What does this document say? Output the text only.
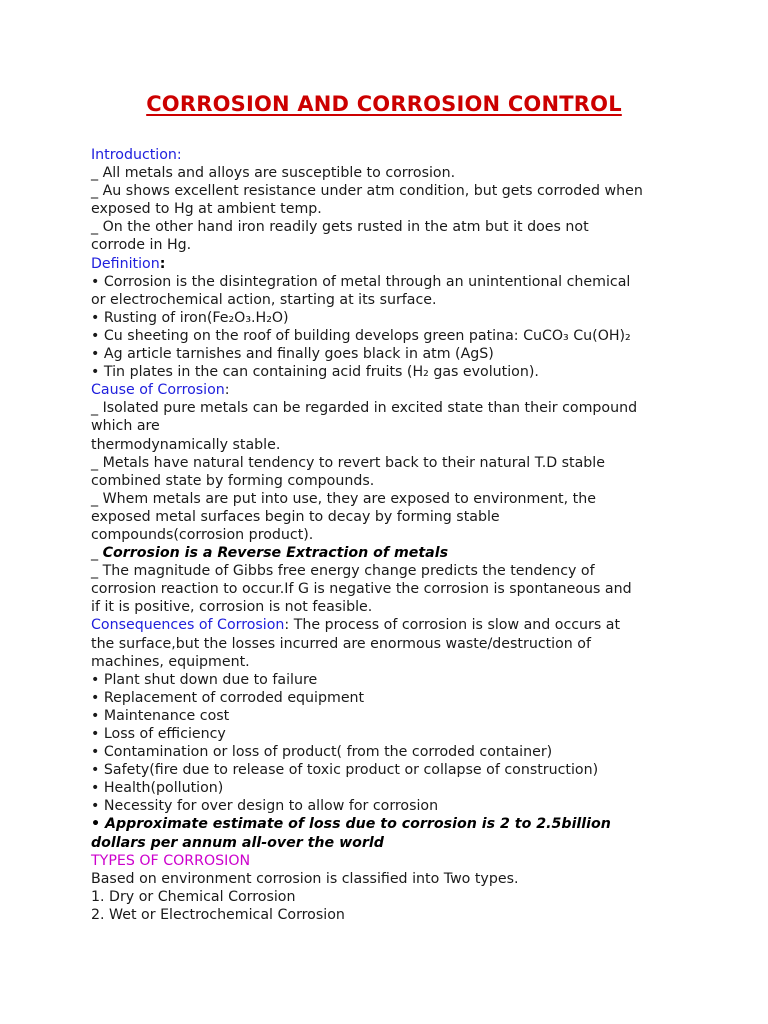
CORROSION AND CORROSION CONTROL
Introduction:
_ All metals and alloys are susceptible to corrosion.
_ Au shows excellent resistance under atm condition, but gets corroded when
exposed to Hg at ambient temp.
_ On the other hand iron readily gets rusted in the atm but it does not
corrode in Hg.
Definition:
• Corrosion is the disintegration of metal through an unintentional chemical
or electrochemical action, starting at its surface.
• Rusting of iron(Fe₂O₃.H₂O)
• Cu sheeting on the roof of building develops green patina: CuCO₃ Cu(OH)₂
• Ag article tarnishes and finally goes black in atm (AgS)
• Tin plates in the can containing acid fruits (H₂ gas evolution).
Cause of Corrosion:
_ Isolated pure metals can be regarded in excited state than their compound
which are
thermodynamically stable.
_ Metals have natural tendency to revert back to their natural T.D stable
combined state by forming compounds.
_ Whem metals are put into use, they are exposed to environment, the
exposed metal surfaces begin to decay by forming stable
compounds(corrosion product).
_ Corrosion is a Reverse Extraction of metals
_ The magnitude of Gibbs free energy change predicts the tendency of
corrosion reaction to occur.If G is negative the corrosion is spontaneous and
if it is positive, corrosion is not feasible.
Consequences of Corrosion: The process of corrosion is slow and occurs at
the surface,but the losses incurred are enormous waste/destruction of
machines, equipment.
• Plant shut down due to failure
• Replacement of corroded equipment
• Maintenance cost
• Loss of efficiency
• Contamination or loss of product( from the corroded container)
• Safety(fire due to release of toxic product or collapse of construction)
• Health(pollution)
• Necessity for over design to allow for corrosion
• Approximate estimate of loss due to corrosion is 2 to 2.5billion
dollars per annum all-over the world
TYPES OF CORROSION
Based on environment corrosion is classified into Two types.
1. Dry or Chemical Corrosion
2. Wet or Electrochemical Corrosion
